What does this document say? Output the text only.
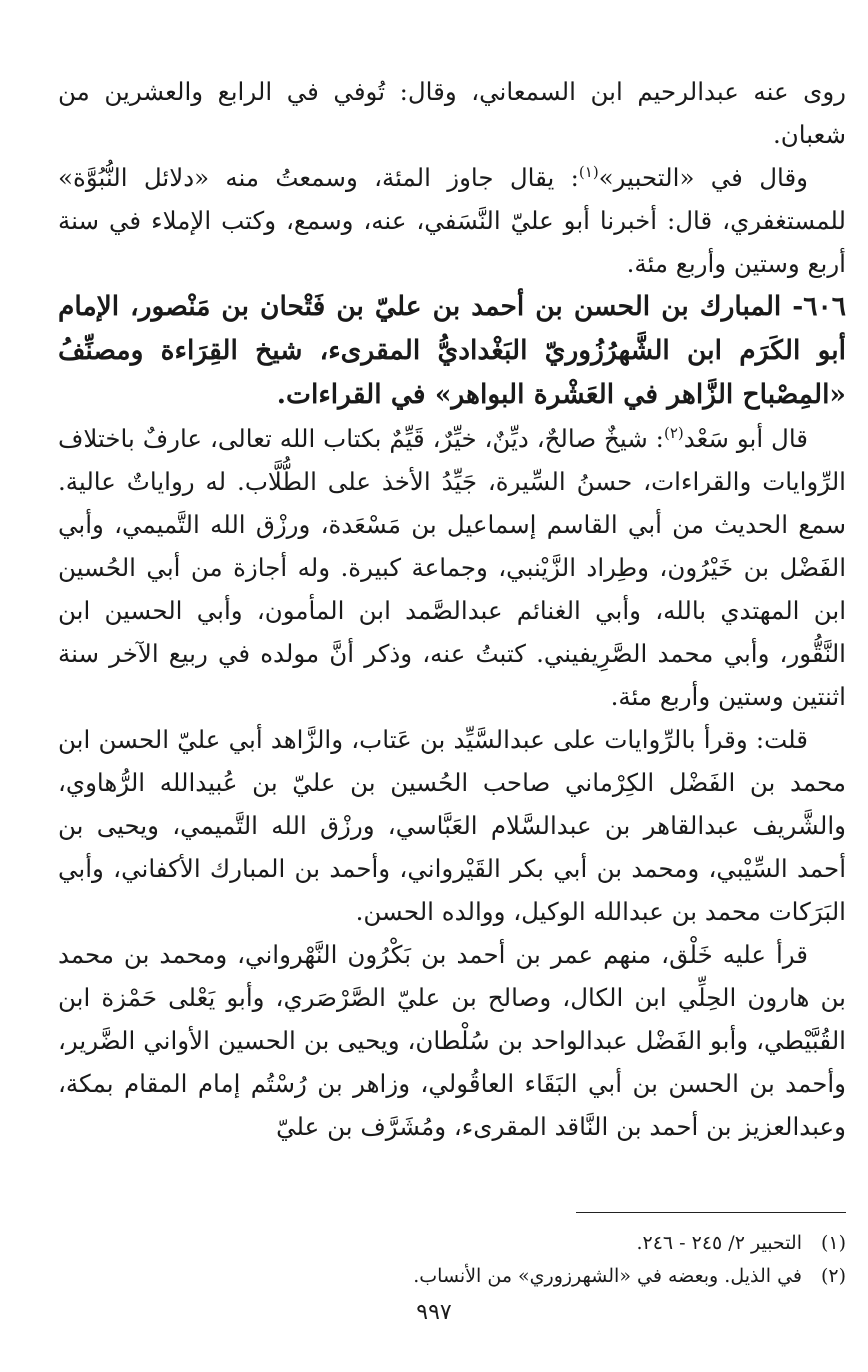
روى عنه عبدالرحيم ابن السمعاني، وقال: تُوفي في الرابع والعشرين من شعبان.

وقال في «التحبير»$^{(١)}$: يقال جاوز المئة، وسمعتُ منه «دلائل النُّبُوَّة» للمستغفري، قال: أخبرنا أبو عليّ النَّسَفي، عنه، وسمع، وكتب الإملاء في سنة أربع وستين وأربع مئة.

٦٠٦- المبارك بن الحسن بن أحمد بن عليّ بن فَتْحان بن مَنْصور، الإمام أبو الكَرَم ابن الشَّهرُزُوريّ البَغْداديُّ المقرىء، شيخ القِرَاءة ومصنِّفُ «المِصْباح الزَّاهر في العَشْرة البواهر» في القراءات.

قال أبو سَعْد$^{(٢)}$: شيخٌ صالحٌ، ديِّنٌ، خيِّرٌ، قَيِّمٌ بكتاب الله تعالى، عارفٌ باختلاف الرِّوايات والقراءات، حسنُ السِّيرة، جَيِّدُ الأخذ على الطُّلَّاب. له رواياتٌ عالية. سمع الحديث من أبي القاسم إسماعيل بن مَسْعَدة، ورزْق الله التَّميمي، وأبي الفَضْل بن خَيْرُون، وطِراد الزَّيْنبي، وجماعة كبيرة. وله أجازة من أبي الحُسين ابن المهتدي بالله، وأبي الغنائم عبدالصَّمد ابن المأمون، وأبي الحسين ابن النَّقُّور، وأبي محمد الصَّرِيفيني. كتبتُ عنه، وذكر أنَّ مولده في ربيع الآخر سنة اثنتين وستين وأربع مئة.

قلت: وقرأ بالرِّوايات على عبدالسَّيِّد بن عَتاب، والزَّاهد أبي عليّ الحسن ابن محمد بن الفَضْل الكِرْماني صاحب الحُسين بن عليّ بن عُبيدالله الرُّهاوي، والشَّريف عبدالقاهر بن عبدالسَّلام العَبَّاسي، ورزْق الله التَّميمي، ويحيى بن أحمد السِّيْبي، ومحمد بن أبي بكر القَيْرواني، وأحمد بن المبارك الأكفاني، وأبي البَرَكات محمد بن عبدالله الوكيل، ووالده الحسن.

قرأ عليه خَلْق، منهم عمر بن أحمد بن بَكْرُون النَّهْرواني، ومحمد بن محمد بن هارون الحِلِّي ابن الكال، وصالح بن عليّ الصَّرْصَري، وأبو يَعْلى حَمْزة ابن القُبَّيْطي، وأبو الفَضْل عبدالواحد بن سُلْطان، ويحيى بن الحسين الأواني الضَّرير، وأحمد بن الحسن بن أبي البَقَاء العاقُولي، وزاهر بن رُسْتُم إمام المقام بمكة، وعبدالعزيز بن أحمد بن النَّاقد المقرىء، ومُشَرَّف بن عليّ

(١)
التحبير ٢/ ٢٤٥ - ٢٤٦.
(٢)
في الذيل. وبعضه في «الشهرزوري» من الأنساب.
٩٩٧
